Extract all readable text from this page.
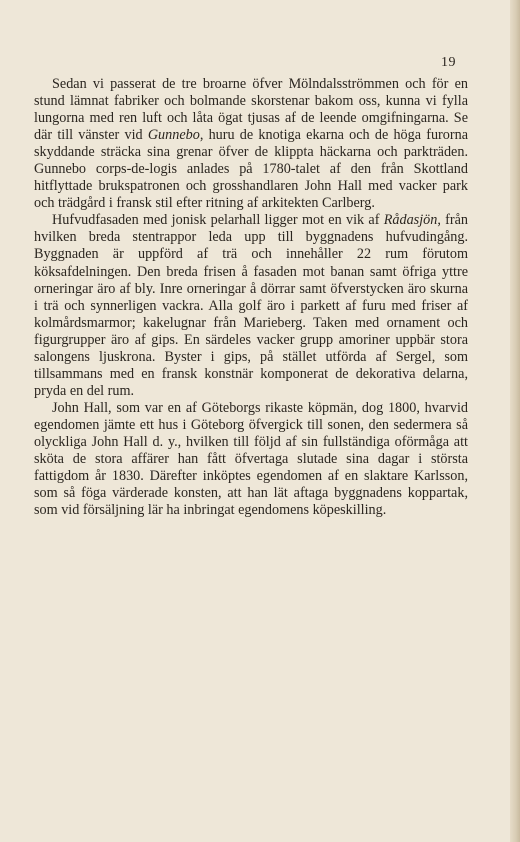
19

Sedan vi passerat de tre broarne öfver Mölndalsströmmen och för en stund lämnat fabriker och bolmande skorstenar bakom oss, kunna vi fylla lungorna med ren luft och låta ögat tjusas af de leende omgifningarna. Se där till vänster vid Gunnebo, huru de knotiga ekarna och de höga furorna skyddande sträcka sina grenar öfver de klippta häckarna och parkträden. Gunnebo corps-de-logis anlades på 1780-talet af den från Skottland hitflyttade brukspatronen och grosshandlaren John Hall med vacker park och trädgård i fransk stil efter ritning af arkitekten Carlberg.

Hufvudfasaden med jonisk pelarhall ligger mot en vik af Rådasjön, från hvilken breda stentrappor leda upp till byggnadens hufvudingång. Byggnaden är uppförd af trä och innehåller 22 rum förutom köksafdelningen. Den breda frisen å fasaden mot banan samt öfriga yttre orneringar äro af bly. Inre orneringar å dörrar samt öfverstycken äro skurna i trä och synnerligen vackra. Alla golf äro i parkett af furu med friser af kolmårdsmarmor; kakelugnar från Marieberg. Taken med ornament och figurgrupper äro af gips. En särdeles vacker grupp amoriner uppbär stora salongens ljuskrona. Byster i gips, på stället utförda af Sergel, som tillsammans med en fransk konstnär komponerat de dekorativa delarna, pryda en del rum.

John Hall, som var en af Göteborgs rikaste köpmän, dog 1800, hvarvid egendomen jämte ett hus i Göteborg öfvergick till sonen, den sedermera så olyckliga John Hall d. y., hvilken till följd af sin fullständiga oförmåga att sköta de stora affärer han fått öfvertaga slutade sina dagar i största fattigdom år 1830. Därefter inköptes egendomen af en slaktare Karlsson, som så föga värderade konsten, att han lät aftaga byggnadens koppartak, som vid försäljning lär ha inbringat egendomens köpeskilling.
